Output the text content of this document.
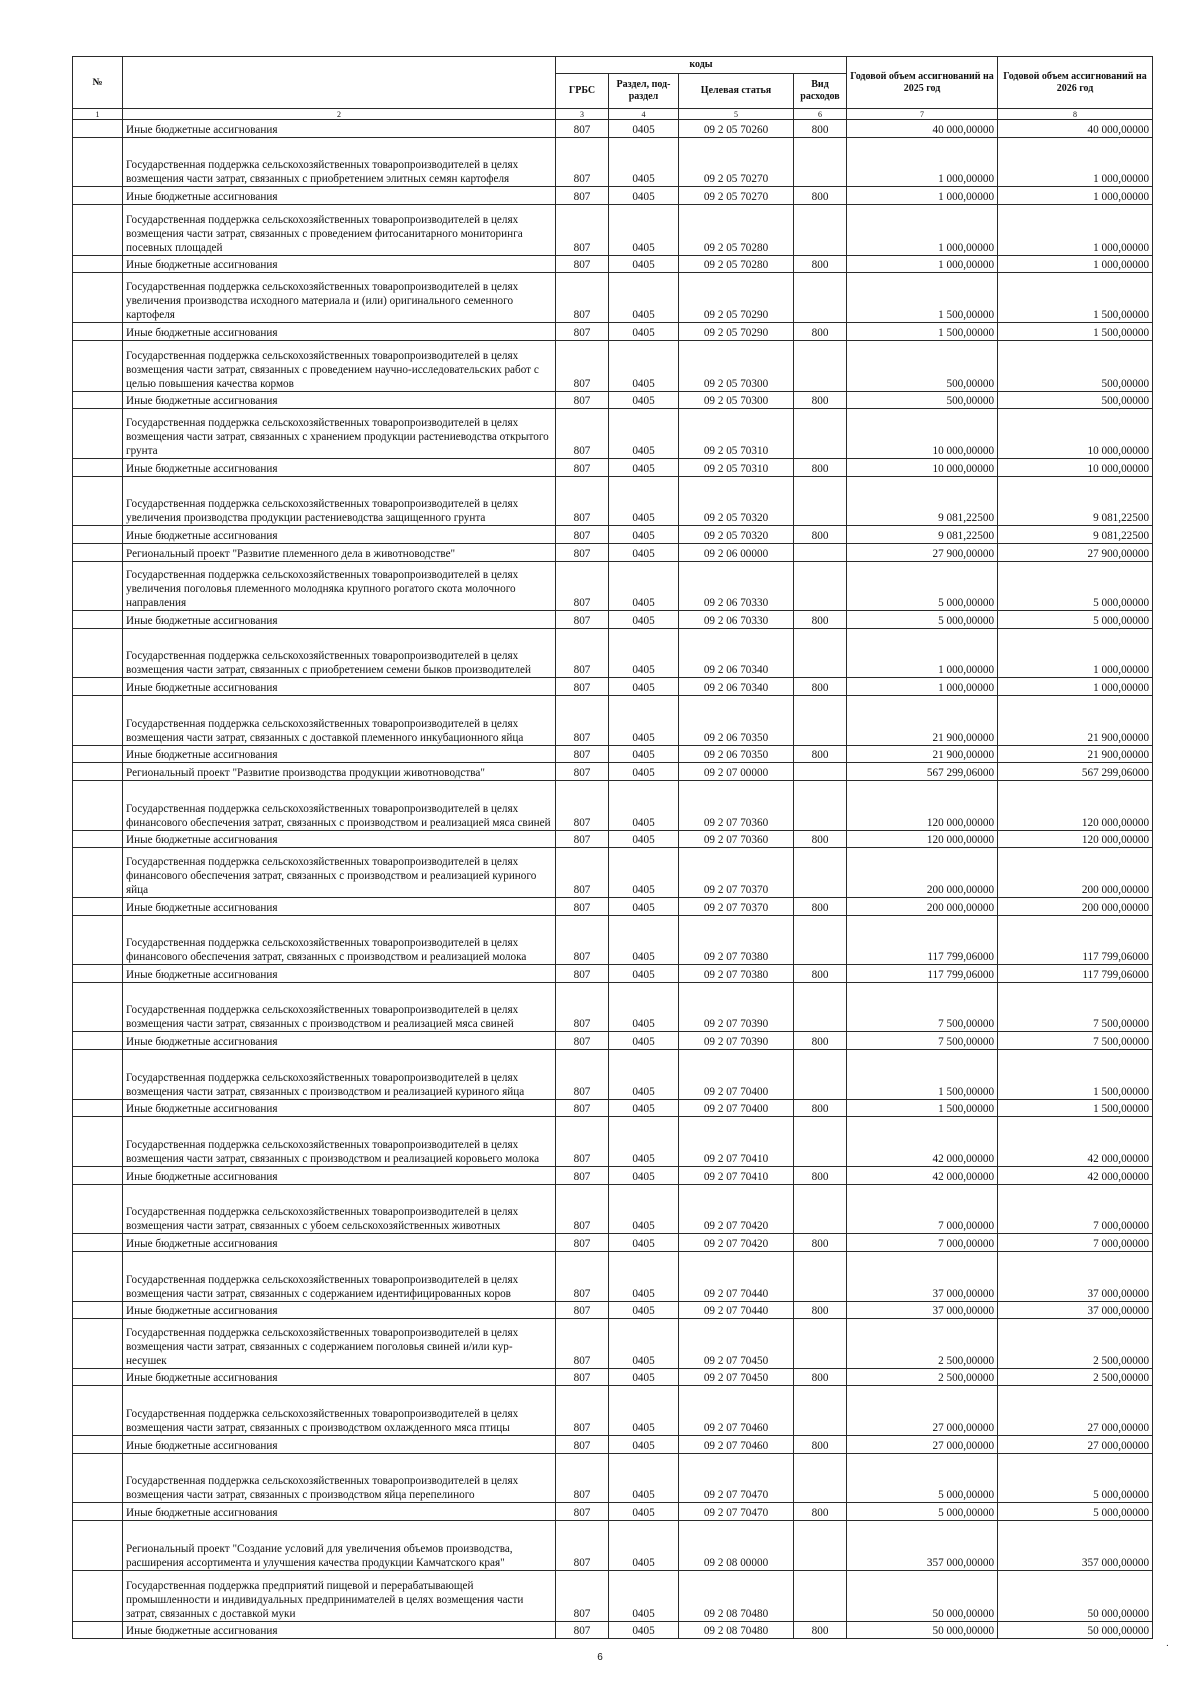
№		коды				Годовой объем ассигнований на 2025 год	Годовой объем ассигнований на 2026 год
		ГРБС	Раздел, под-раздел	Целевая статья	Вид расходов		
1	2	3	4	5	6	7	8
	Иные бюджетные ассигнования	807	0405	09 2 05 70260	800	40 000,00000	40 000,00000
	Государственная поддержка сельскохозяйственных товаропроизводителей в целях возмещения части затрат, связанных с приобретением элитных семян картофеля	807	0405	09 2 05 70270		1 000,00000	1 000,00000
	Иные бюджетные ассигнования	807	0405	09 2 05 70270	800	1 000,00000	1 000,00000
	Государственная поддержка сельскохозяйственных товаропроизводителей в целях возмещения части затрат, связанных с проведением фитосанитарного мониторинга посевных площадей	807	0405	09 2 05 70280		1 000,00000	1 000,00000
	Иные бюджетные ассигнования	807	0405	09 2 05 70280	800	1 000,00000	1 000,00000
	Государственная поддержка сельскохозяйственных товаропроизводителей в целях увеличения производства исходного материала и (или) оригинального семенного картофеля	807	0405	09 2 05 70290		1 500,00000	1 500,00000
	Иные бюджетные ассигнования	807	0405	09 2 05 70290	800	1 500,00000	1 500,00000
	Государственная поддержка сельскохозяйственных товаропроизводителей в целях возмещения части затрат, связанных с проведением научно-исследовательских работ с целью повышения качества кормов	807	0405	09 2 05 70300		500,00000	500,00000
	Иные бюджетные ассигнования	807	0405	09 2 05 70300	800	500,00000	500,00000
	Государственная поддержка сельскохозяйственных товаропроизводителей в целях возмещения части затрат, связанных с хранением продукции растениеводства открытого грунта	807	0405	09 2 05 70310		10 000,00000	10 000,00000
	Иные бюджетные ассигнования	807	0405	09 2 05 70310	800	10 000,00000	10 000,00000
	Государственная поддержка сельскохозяйственных товаропроизводителей в целях увеличения производства продукции растениеводства защищенного грунта	807	0405	09 2 05 70320		9 081,22500	9 081,22500
	Иные бюджетные ассигнования	807	0405	09 2 05 70320	800	9 081,22500	9 081,22500
	Региональный проект "Развитие племенного дела в животноводстве"	807	0405	09 2 06 00000		27 900,00000	27 900,00000
	Государственная поддержка сельскохозяйственных товаропроизводителей в целях увеличения поголовья племенного молодняка крупного рогатого скота молочного направления	807	0405	09 2 06 70330		5 000,00000	5 000,00000
	Иные бюджетные ассигнования	807	0405	09 2 06 70330	800	5 000,00000	5 000,00000
	Государственная поддержка сельскохозяйственных товаропроизводителей в целях возмещения части затрат, связанных с приобретением семени быков производителей	807	0405	09 2 06 70340		1 000,00000	1 000,00000
	Иные бюджетные ассигнования	807	0405	09 2 06 70340	800	1 000,00000	1 000,00000
	Государственная поддержка сельскохозяйственных товаропроизводителей в целях возмещения части затрат, связанных с доставкой племенного инкубационного яйца	807	0405	09 2 06 70350		21 900,00000	21 900,00000
	Иные бюджетные ассигнования	807	0405	09 2 06 70350	800	21 900,00000	21 900,00000
	Региональный проект "Развитие производства продукции животноводства"	807	0405	09 2 07 00000		567 299,06000	567 299,06000
	Государственная поддержка сельскохозяйственных товаропроизводителей в целях финансового обеспечения затрат, связанных с производством и реализацией мяса свиней	807	0405	09 2 07 70360		120 000,00000	120 000,00000
	Иные бюджетные ассигнования	807	0405	09 2 07 70360	800	120 000,00000	120 000,00000
	Государственная поддержка сельскохозяйственных товаропроизводителей в целях финансового обеспечения затрат, связанных с производством и реализацией куриного яйца	807	0405	09 2 07 70370		200 000,00000	200 000,00000
	Иные бюджетные ассигнования	807	0405	09 2 07 70370	800	200 000,00000	200 000,00000
	Государственная поддержка сельскохозяйственных товаропроизводителей в целях финансового обеспечения затрат, связанных с производством и реализацией молока	807	0405	09 2 07 70380		117 799,06000	117 799,06000
	Иные бюджетные ассигнования	807	0405	09 2 07 70380	800	117 799,06000	117 799,06000
	Государственная поддержка сельскохозяйственных товаропроизводителей в целях возмещения части затрат, связанных с производством и реализацией мяса свиней	807	0405	09 2 07 70390		7 500,00000	7 500,00000
	Иные бюджетные ассигнования	807	0405	09 2 07 70390	800	7 500,00000	7 500,00000
	Государственная поддержка сельскохозяйственных товаропроизводителей в целях возмещения части затрат, связанных с производством и реализацией куриного яйца	807	0405	09 2 07 70400		1 500,00000	1 500,00000
	Иные бюджетные ассигнования	807	0405	09 2 07 70400	800	1 500,00000	1 500,00000
	Государственная поддержка сельскохозяйственных товаропроизводителей в целях возмещения части затрат, связанных с производством и реализацией коровьего молока	807	0405	09 2 07 70410		42 000,00000	42 000,00000
	Иные бюджетные ассигнования	807	0405	09 2 07 70410	800	42 000,00000	42 000,00000
	Государственная поддержка сельскохозяйственных товаропроизводителей в целях возмещения части затрат, связанных с убоем сельскохозяйственных животных	807	0405	09 2 07 70420		7 000,00000	7 000,00000
	Иные бюджетные ассигнования	807	0405	09 2 07 70420	800	7 000,00000	7 000,00000
	Государственная поддержка сельскохозяйственных товаропроизводителей в целях возмещения части затрат, связанных с содержанием идентифицированных коров	807	0405	09 2 07 70440		37 000,00000	37 000,00000
	Иные бюджетные ассигнования	807	0405	09 2 07 70440	800	37 000,00000	37 000,00000
	Государственная поддержка сельскохозяйственных товаропроизводителей в целях возмещения части затрат, связанных с содержанием поголовья свиней и/или кур-несушек	807	0405	09 2 07 70450		2 500,00000	2 500,00000
	Иные бюджетные ассигнования	807	0405	09 2 07 70450	800	2 500,00000	2 500,00000
	Государственная поддержка сельскохозяйственных товаропроизводителей в целях возмещения части затрат, связанных с производством охлажденного мяса птицы	807	0405	09 2 07 70460		27 000,00000	27 000,00000
	Иные бюджетные ассигнования	807	0405	09 2 07 70460	800	27 000,00000	27 000,00000
	Государственная поддержка сельскохозяйственных товаропроизводителей в целях возмещения части затрат, связанных с производством яйца перепелиного	807	0405	09 2 07 70470		5 000,00000	5 000,00000
	Иные бюджетные ассигнования	807	0405	09 2 07 70470	800	5 000,00000	5 000,00000
	Региональный проект "Создание условий для увеличения объемов производства, расширения ассортимента и улучшения качества продукции Камчатского края"	807	0405	09 2 08 00000		357 000,00000	357 000,00000
	Государственная поддержка предприятий пищевой и перерабатывающей промышленности и индивидуальных предпринимателей в целях возмещения части затрат, связанных с доставкой муки	807	0405	09 2 08 70480		50 000,00000	50 000,00000
	Иные бюджетные ассигнования	807	0405	09 2 08 70480	800	50 000,00000	50 000,00000
6
.
